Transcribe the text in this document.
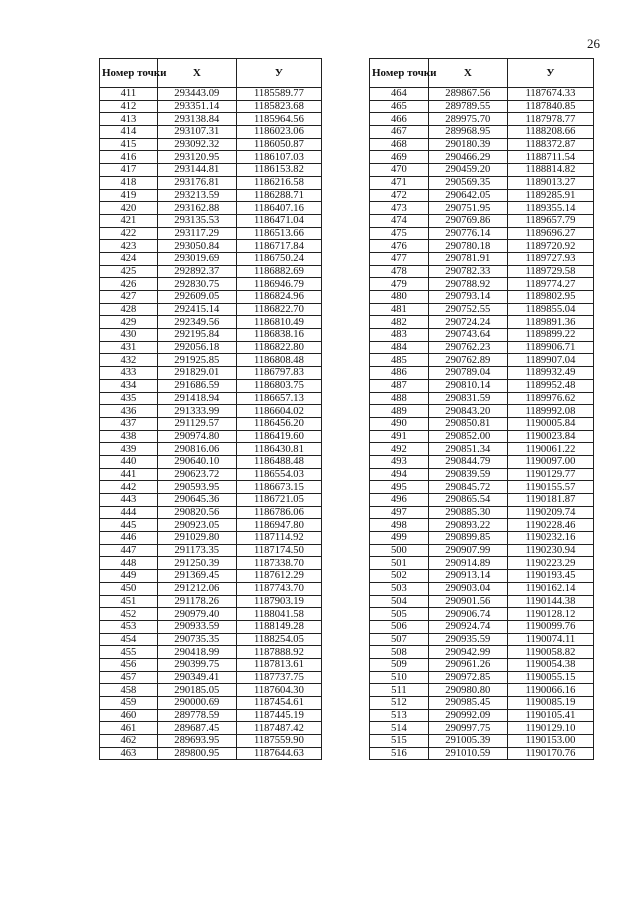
26
Номер точки	X	У
411	293443.09	1185589.77
412	293351.14	1185823.68
413	293138.84	1185964.56
414	293107.31	1186023.06
415	293092.32	1186050.87
416	293120.95	1186107.03
417	293144.81	1186153.82
418	293176.81	1186216.58
419	293213.59	1186288.71
420	293162.88	1186407.16
421	293135.53	1186471.04
422	293117.29	1186513.66
423	293050.84	1186717.84
424	293019.69	1186750.24
425	292892.37	1186882.69
426	292830.75	1186946.79
427	292609.05	1186824.96
428	292415.14	1186822.70
429	292349.56	1186810.49
430	292195.84	1186838.16
431	292056.18	1186822.80
432	291925.85	1186808.48
433	291829.01	1186797.83
434	291686.59	1186803.75
435	291418.94	1186657.13
436	291333.99	1186604.02
437	291129.57	1186456.20
438	290974.80	1186419.60
439	290816.06	1186430.81
440	290640.10	1186488.48
441	290623.72	1186554.03
442	290593.95	1186673.15
443	290645.36	1186721.05
444	290820.56	1186786.06
445	290923.05	1186947.80
446	291029.80	1187114.92
447	291173.35	1187174.50
448	291250.39	1187338.70
449	291369.45	1187612.29
450	291212.06	1187743.70
451	291178.26	1187903.19
452	290979.40	1188041.58
453	290933.59	1188149.28
454	290735.35	1188254.05
455	290418.99	1187888.92
456	290399.75	1187813.61
457	290349.41	1187737.75
458	290185.05	1187604.30
459	290000.69	1187454.61
460	289778.59	1187445.19
461	289687.45	1187487.42
462	289693.95	1187559.90
463	289800.95	1187644.63
Номер точки	X	У
464	289867.56	1187674.33
465	289789.55	1187840.85
466	289975.70	1187978.77
467	289968.95	1188208.66
468	290180.39	1188372.87
469	290466.29	1188711.54
470	290459.20	1188814.82
471	290569.35	1189013.27
472	290642.05	1189285.91
473	290751.95	1189355.14
474	290769.86	1189657.79
475	290776.14	1189696.27
476	290780.18	1189720.92
477	290781.91	1189727.93
478	290782.33	1189729.58
479	290788.92	1189774.27
480	290793.14	1189802.95
481	290752.55	1189855.04
482	290724.24	1189891.36
483	290743.64	1189899.22
484	290762.23	1189906.71
485	290762.89	1189907.04
486	290789.04	1189932.49
487	290810.14	1189952.48
488	290831.59	1189976.62
489	290843.20	1189992.08
490	290850.81	1190005.84
491	290852.00	1190023.84
492	290851.34	1190061.22
493	290844.79	1190097.00
494	290839.59	1190129.77
495	290845.72	1190155.57
496	290865.54	1190181.87
497	290885.30	1190209.74
498	290893.22	1190228.46
499	290899.85	1190232.16
500	290907.99	1190230.94
501	290914.89	1190223.29
502	290913.14	1190193.45
503	290903.04	1190162.14
504	290901.56	1190144.38
505	290906.74	1190128.12
506	290924.74	1190099.76
507	290935.59	1190074.11
508	290942.99	1190058.82
509	290961.26	1190054.38
510	290972.85	1190055.15
511	290980.80	1190066.16
512	290985.45	1190085.19
513	290992.09	1190105.41
514	290997.75	1190129.10
515	291005.39	1190153.00
516	291010.59	1190170.76
